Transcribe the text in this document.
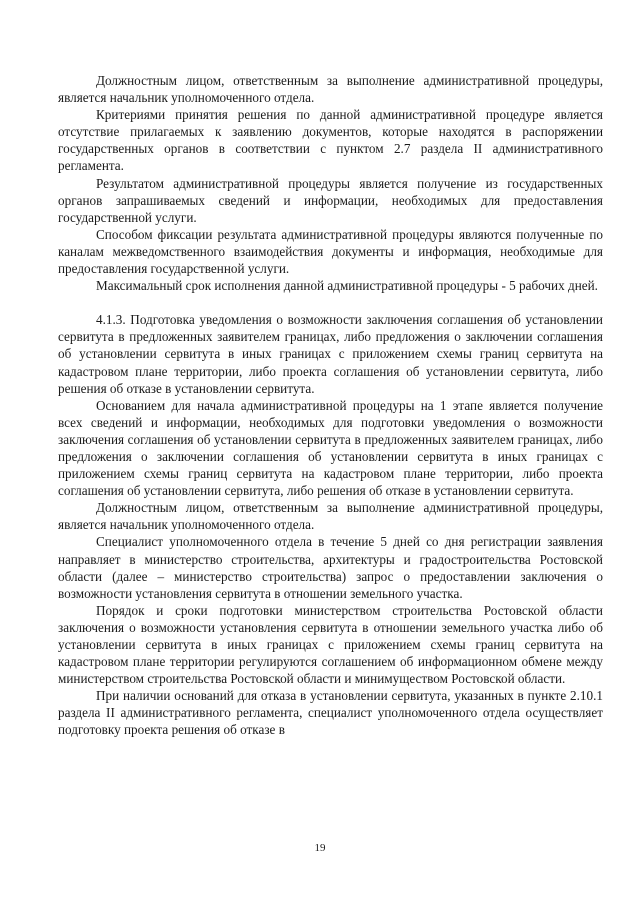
Должностным лицом, ответственным за выполнение административной процедуры, является начальник уполномоченного отдела.

Критериями принятия решения по данной административной процедуре является отсутствие прилагаемых к заявлению документов, которые находятся в распоряжении государственных органов в соответствии с пунктом 2.7 раздела II административного регламента.

Результатом административной процедуры является получение из государственных органов запрашиваемых сведений и информации, необходимых для предоставления государственной услуги.

Способом фиксации результата административной процедуры являются полученные по каналам межведомственного взаимодействия документы и информация, необходимые для предоставления государственной услуги.

Максимальный срок исполнения данной административной процедуры - 5 рабочих дней.

4.1.3. Подготовка уведомления о возможности заключения соглашения об установлении сервитута в предложенных заявителем границах, либо предложения о заключении соглашения об установлении сервитута в иных границах с приложением схемы границ сервитута на кадастровом плане территории, либо проекта соглашения об установлении сервитута, либо решения об отказе в установлении сервитута.

Основанием для начала административной процедуры на 1 этапе является получение всех сведений и информации, необходимых для подготовки уведомления о возможности заключения соглашения об установлении сервитута в предложенных заявителем границах, либо предложения о заключении соглашения об установлении сервитута в иных границах с приложением схемы границ сервитута на кадастровом плане территории, либо проекта соглашения об установлении сервитута, либо решения об отказе в установлении сервитута.

Должностным лицом, ответственным за выполнение административной процедуры, является начальник уполномоченного отдела.

Специалист уполномоченного отдела в течение 5 дней со дня регистрации заявления направляет в министерство строительства, архитектуры и градостроительства Ростовской области (далее – министерство строительства) запрос о предоставлении заключения о возможности установления сервитута в отношении земельного участка.

Порядок и сроки подготовки министерством строительства Ростовской области заключения о возможности установления сервитута в отношении земельного участка либо об установлении сервитута в иных границах с приложением схемы границ сервитута на кадастровом плане территории регулируются соглашением об информационном обмене между министерством строительства Ростовской области и минимуществом Ростовской области.

При наличии оснований для отказа в установлении сервитута, указанных в пункте 2.10.1 раздела II административного регламента, специалист уполномоченного отдела осуществляет подготовку проекта решения об отказе в

19
